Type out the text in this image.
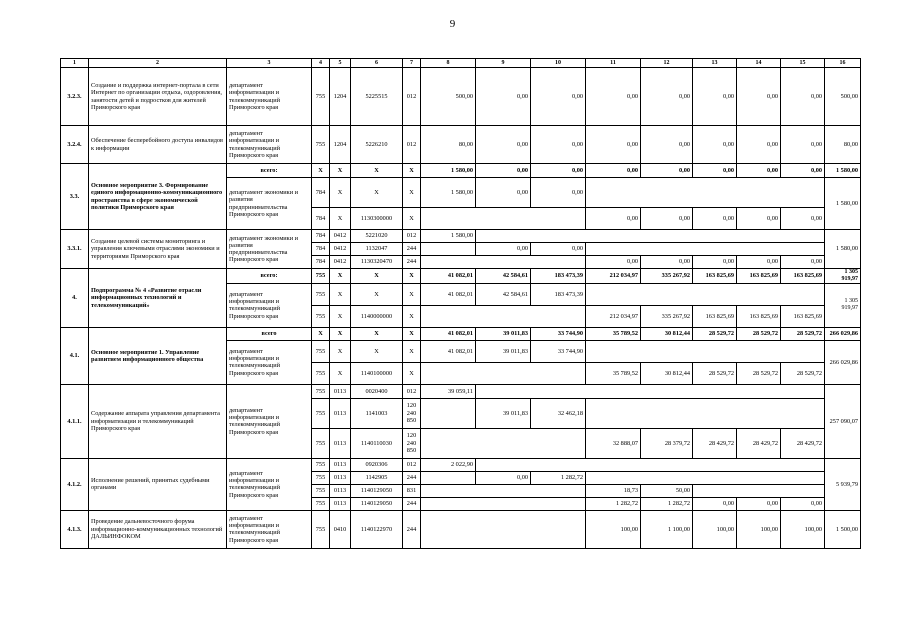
9
1	2	3	4	5	6	7	8	9	10	11	12	13	14	15	16
3.2.3.	Создание и поддержка интернет-портала в сети Интернет по организации отдыха, оздоровления, занятости детей и подростков для жителей Приморского края	департамент информатизации и телекоммуникаций Приморского края	755	1204	5225515	012	500,00	0,00	0,00	0,00	0,00	0,00	0,00	0,00	500,00
3.2.4.	Обеспечение бесперебойного доступа инвалидов к информации	департамент информатизации и телекоммуникаций Приморского края	755	1204	5226210	012	80,00	0,00	0,00	0,00	0,00	0,00	0,00	0,00	80,00
3.3.	Основное мероприятие 3. Формирование единого информационно-коммуникационного пространства в сфере экономической политики Приморского края	всего:	X	X	X	X	1 580,00	0,00	0,00	0,00	0,00	0,00	0,00	0,00	1 580,00
		департамент экономики и развития предпринимательства Приморского края	784	X	X	X	1 580,00	0,00	0,00						1 580,00
			784	X	1130300000	X				0,00	0,00	0,00	0,00	0,00	
3.3.1.	Создание целевой системы мониторинга и управления ключевыми отраслями экономики и территориями Приморского края	департамент экономики и развития предпринимательства Приморского края	784	0412	5221020	012	1 580,00								1 580,00
			784	0412	1132047	244		0,00	0,00						
			784	0412	1130320470	244				0,00	0,00	0,00	0,00	0,00	
4.	Подпрограмма № 4 «Развитие отрасли информационных технологий и телекоммуникаций»	всего:	755	X	X	X	41 082,01	42 584,61	183 473,39	212 034,97	335 267,92	163 825,69	163 825,69	163 825,69	1 305 919,97
		департамент информатизации и телекоммуникаций Приморского края	755	X	X	X	41 082,01	42 584,61	183 473,39						1 305 919,97
			755	X	1140000000	X				212 034,97	335 267,92	163 825,69	163 825,69	163 825,69	
4.1.	Основное мероприятие 1. Управление развитием информационного общества	всего	X	X	X	X	41 082,01	39 011,83	33 744,90	35 789,52	30 812,44	28 529,72	28 529,72	28 529,72	266 029,86
		департамент информатизации и телекоммуникаций Приморского края	755	X	X	X	41 082,01	39 011,83	33 744,90						266 029,86
			755	X	1140100000	X				35 789,52	30 812,44	28 529,72	28 529,72	28 529,72	
4.1.1.	Содержание аппарата управления департамента информатизации и телекоммуникаций Приморского края	департамент информатизации и телекоммуникаций Приморского края	755	0113	0020400	012	39 059,11								257 090,07
			755	0113	1141003	120 240 850		39 011,83	32 462,18						
			755	0113	1140110030	120 240 850				32 888,07	28 379,72	28 429,72	28 429,72	28 429,72	
4.1.2.	Исполнение решений, принятых судебными органами	департамент информатизации и телекоммуникаций Приморского края	755	0113	0920306	012	2 022,90								5 939,79
			755	0113	1142905	244		0,00	1 282,72						
			755	0113	1140129050	831				18,73	50,00				
			755	0113	1140129050	244				1 282,72	1 282,72	0,00	0,00	0,00	
4.1.3.	Проведение дальневосточного форума информационно-коммуникационных технологий ДАЛЬИНФОКОМ	департамент информатизации и телекоммуникаций Приморского края	755	0410	1140122970	244				100,00	1 100,00	100,00	100,00	100,00	1 500,00
